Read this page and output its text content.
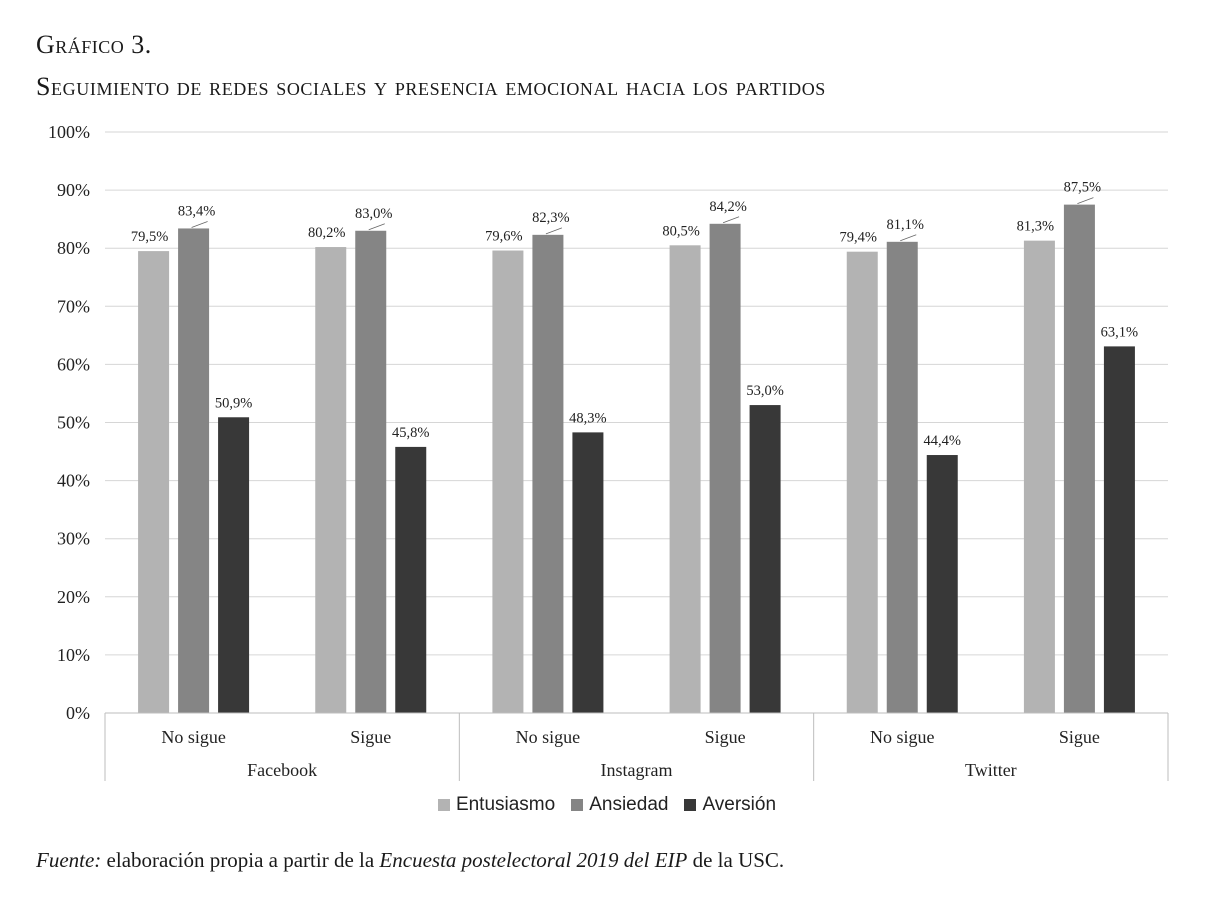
Gráfico 3.
Seguimiento de redes sociales y presencia emocional hacia los partidos
79,5%
83,4%
50,9%
80,2%
83,0%
45,8%
79,6%
82,3%
48,3%
80,5%
84,2%
53,0%
79,4%
81,1%
44,4%
81,3%
87,5%
63,1%
0%
10%
20%
30%
40%
50%
60%
70%
80%
90%
100%
No sigue	Sigue	No sigue	Sigue	No sigue	Sigue
Facebook	Instagram	Twitter
Entusiasmo Ansiedad Aversión
Fuente: elaboración propia a partir de la Encuesta postelectoral 2019 del EIP de la USC.
